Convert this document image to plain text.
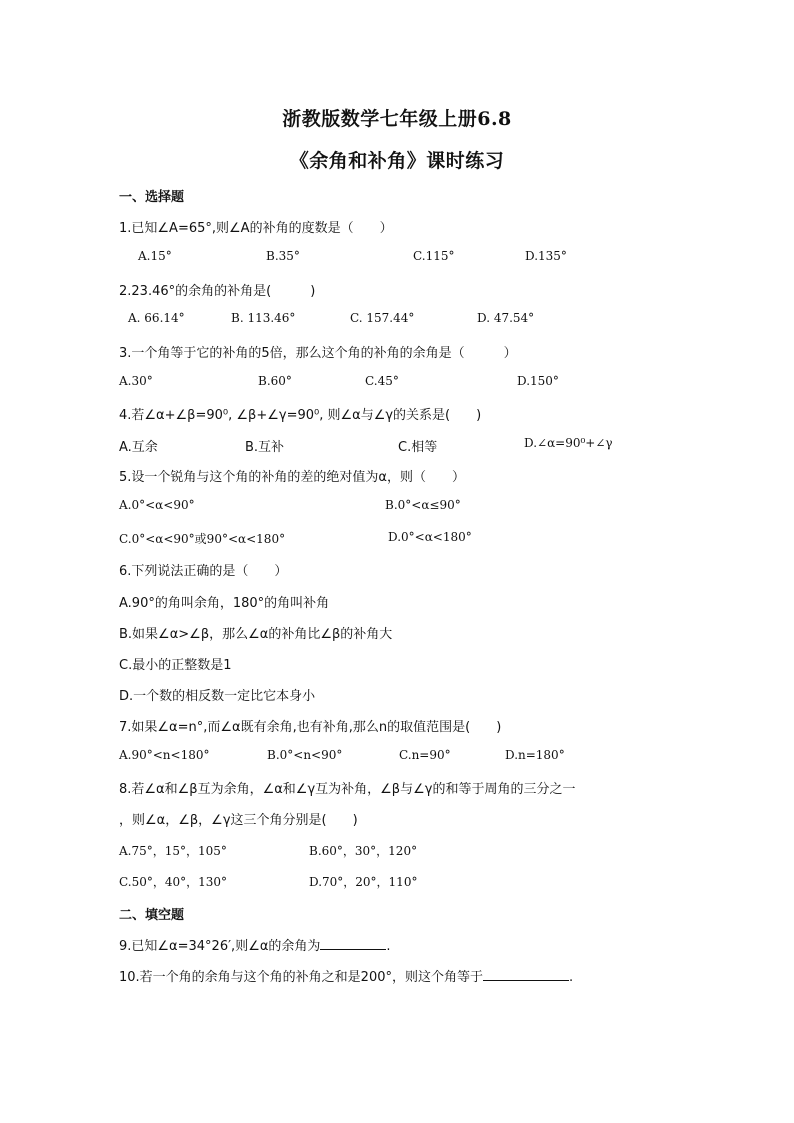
浙教版数学七年级上册6.8
《余角和补角》课时练习
一、选择题
1.已知∠A=65°,则∠A的补角的度数是（　　）
A.15°	B.35°	C.115°	D.135°
2.23.46°的余角的补角是(　　　)
A. 66.14°	B. 113.46°	C. 157.44°	D. 47.54°
3.一个角等于它的补角的5倍，那么这个角的补角的余角是（　　　）
A.30°	B.60°	C.45°	D.150°
4.若∠α+∠β=90⁰, ∠β+∠γ=90⁰, 则∠α与∠γ的关系是(　　)
A.互余	B.互补	C.相等	D.∠α=90⁰+∠γ
5.设一个锐角与这个角的补角的差的绝对值为α，则（　　）
A.0°<α<90°	B.0°<α≤90°
C.0°<α<90°或90°<α<180°	D.0°<α<180°
6.下列说法正确的是（　　）
A.90°的角叫余角，180°的角叫补角
B.如果∠α>∠β，那么∠α的补角比∠β的补角大
C.最小的正整数是1
D.一个数的相反数一定比它本身小
7.如果∠α=n°,而∠α既有余角,也有补角,那么n的取值范围是(　　)
A.90°<n<180°	B.0°<n<90°	C.n=90°	D.n=180°
8.若∠α和∠β互为余角，∠α和∠γ互为补角，∠β与∠γ的和等于周角的三分之一
，则∠α，∠β，∠γ这三个角分别是(　　)
A.75°，15°，105°	B.60°，30°，120°
C.50°，40°，130°	D.70°，20°，110°
二、填空题
9.已知∠α=34°26′,则∠α的余角为	.
10.若一个角的余角与这个角的补角之和是200°，则这个角等于	.
